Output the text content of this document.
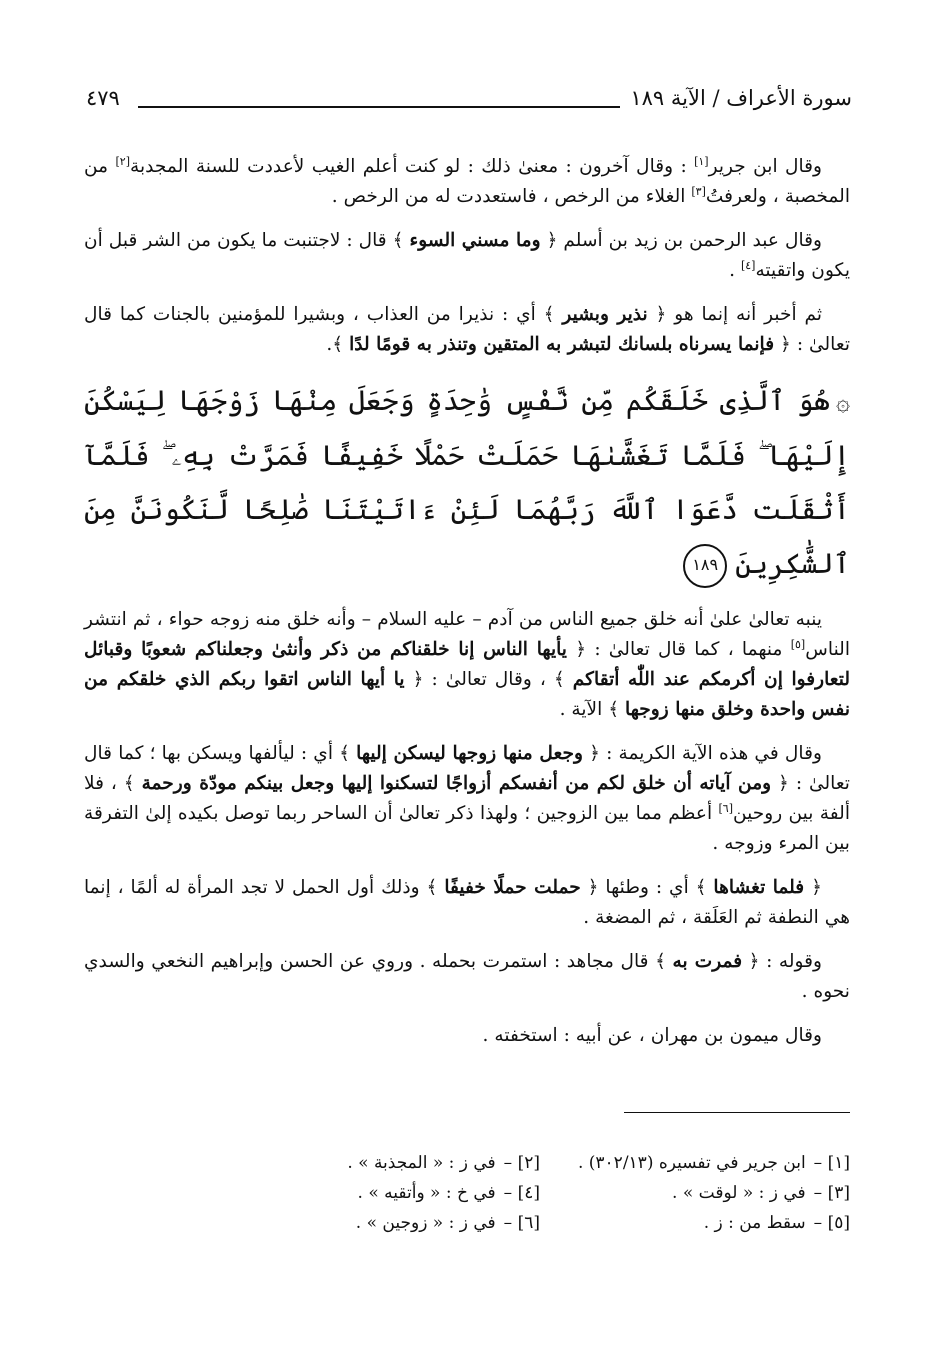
سورة الأعراف / الآية ١٨٩
٤٧٩

وقال ابن جرير[١] : وقال آخرون : معنىٰ ذلك : لو كنت أعلم الغيب لأعددت للسنة المجدبة[٢] من المخصبة ، ولعرفتُ[٣] الغلاء من الرخص ، فاستعددت له من الرخص .

وقال عبد الرحمن بن زيد بن أسلم ﴿ وما مسني السوء ﴾ قال : لاجتنبت ما يكون من الشر قبل أن يكون واتقيته[٤] .

ثم أخبر أنه إنما هو ﴿ نذير وبشير ﴾ أي : نذيرا من العذاب ، وبشيرا للمؤمنين بالجنات كما قال تعالىٰ : ﴿ فإنما يسرناه بلسانك لتبشر به المتقين وتنذر به قومًا لدًا ﴾.

۞هُوَ ٱلَّذِى خَلَقَكُم مِّن نَّفْسٍ وَٰحِدَةٍ وَجَعَلَ مِنْهَا زَوْجَهَا لِيَسْكُنَ إِلَيْهَا ۖ فَلَمَّا تَغَشَّىٰهَا حَمَلَتْ حَمْلًا خَفِيفًا فَمَرَّتْ بِهِۦ ۖ فَلَمَّآ أَثْقَلَت دَّعَوَا ٱللَّهَ رَبَّهُمَا لَئِنْ ءَاتَيْتَنَا صَٰلِحًا لَّنَكُونَنَّ مِنَ ٱلشَّٰكِرِينَ١٨٩

ينبه تعالىٰ علىٰ أنه خلق جميع الناس من آدم – عليه السلام – وأنه خلق منه زوجه حواء ، ثم انتشر الناس[٥] منهما ، كما قال تعالىٰ : ﴿ يأيها الناس إنا خلقناكم من ذكر وأنثىٰ وجعلناكم شعوبًا وقبائل لتعارفوا إن أكرمكم عند اللّٰه أتقاكم ﴾ ، وقال تعالىٰ : ﴿ يا أيها الناس اتقوا ربكم الذي خلقكم من نفس واحدة وخلق منها زوجها ﴾ الآية .

وقال في هذه الآية الكريمة : ﴿ وجعل منها زوجها ليسكن إليها ﴾ أي : ليألفها ويسكن بها ؛ كما قال تعالىٰ : ﴿ ومن آياته أن خلق لكم من أنفسكم أزواجًا لتسكنوا إليها وجعل بينكم مودّة ورحمة ﴾ ، فلا ألفة بين روحين[٦] أعظم مما بين الزوجين ؛ ولهذا ذكر تعالىٰ أن الساحر ربما توصل بكيده إلىٰ التفرقة بين المرء وزوجه .

﴿ فلما تغشاها ﴾ أي : وطئها ﴿ حملت حملًا خفيفًا ﴾ وذلك أول الحمل لا تجد المرأة له ألمًا ، إنما هي النطفة ثم العَلَقة ، ثم المضغة .

وقوله : ﴿ فمرت به ﴾ قال مجاهد : استمرت بحمله . وروي عن الحسن وإبراهيم النخعي والسدي نحوه .

وقال ميمون بن مهران ، عن أبيه : استخفته .

[١] –ابن جرير في تفسيره (٣٠٢/١٣) .
[٢] –في ز : « المجذبة » .
[٣] –في ز : « لوقت » .
[٤] –في خ : « وأتقيه » .
[٥] –سقط من : ز .
[٦] –في ز : « زوجين » .
